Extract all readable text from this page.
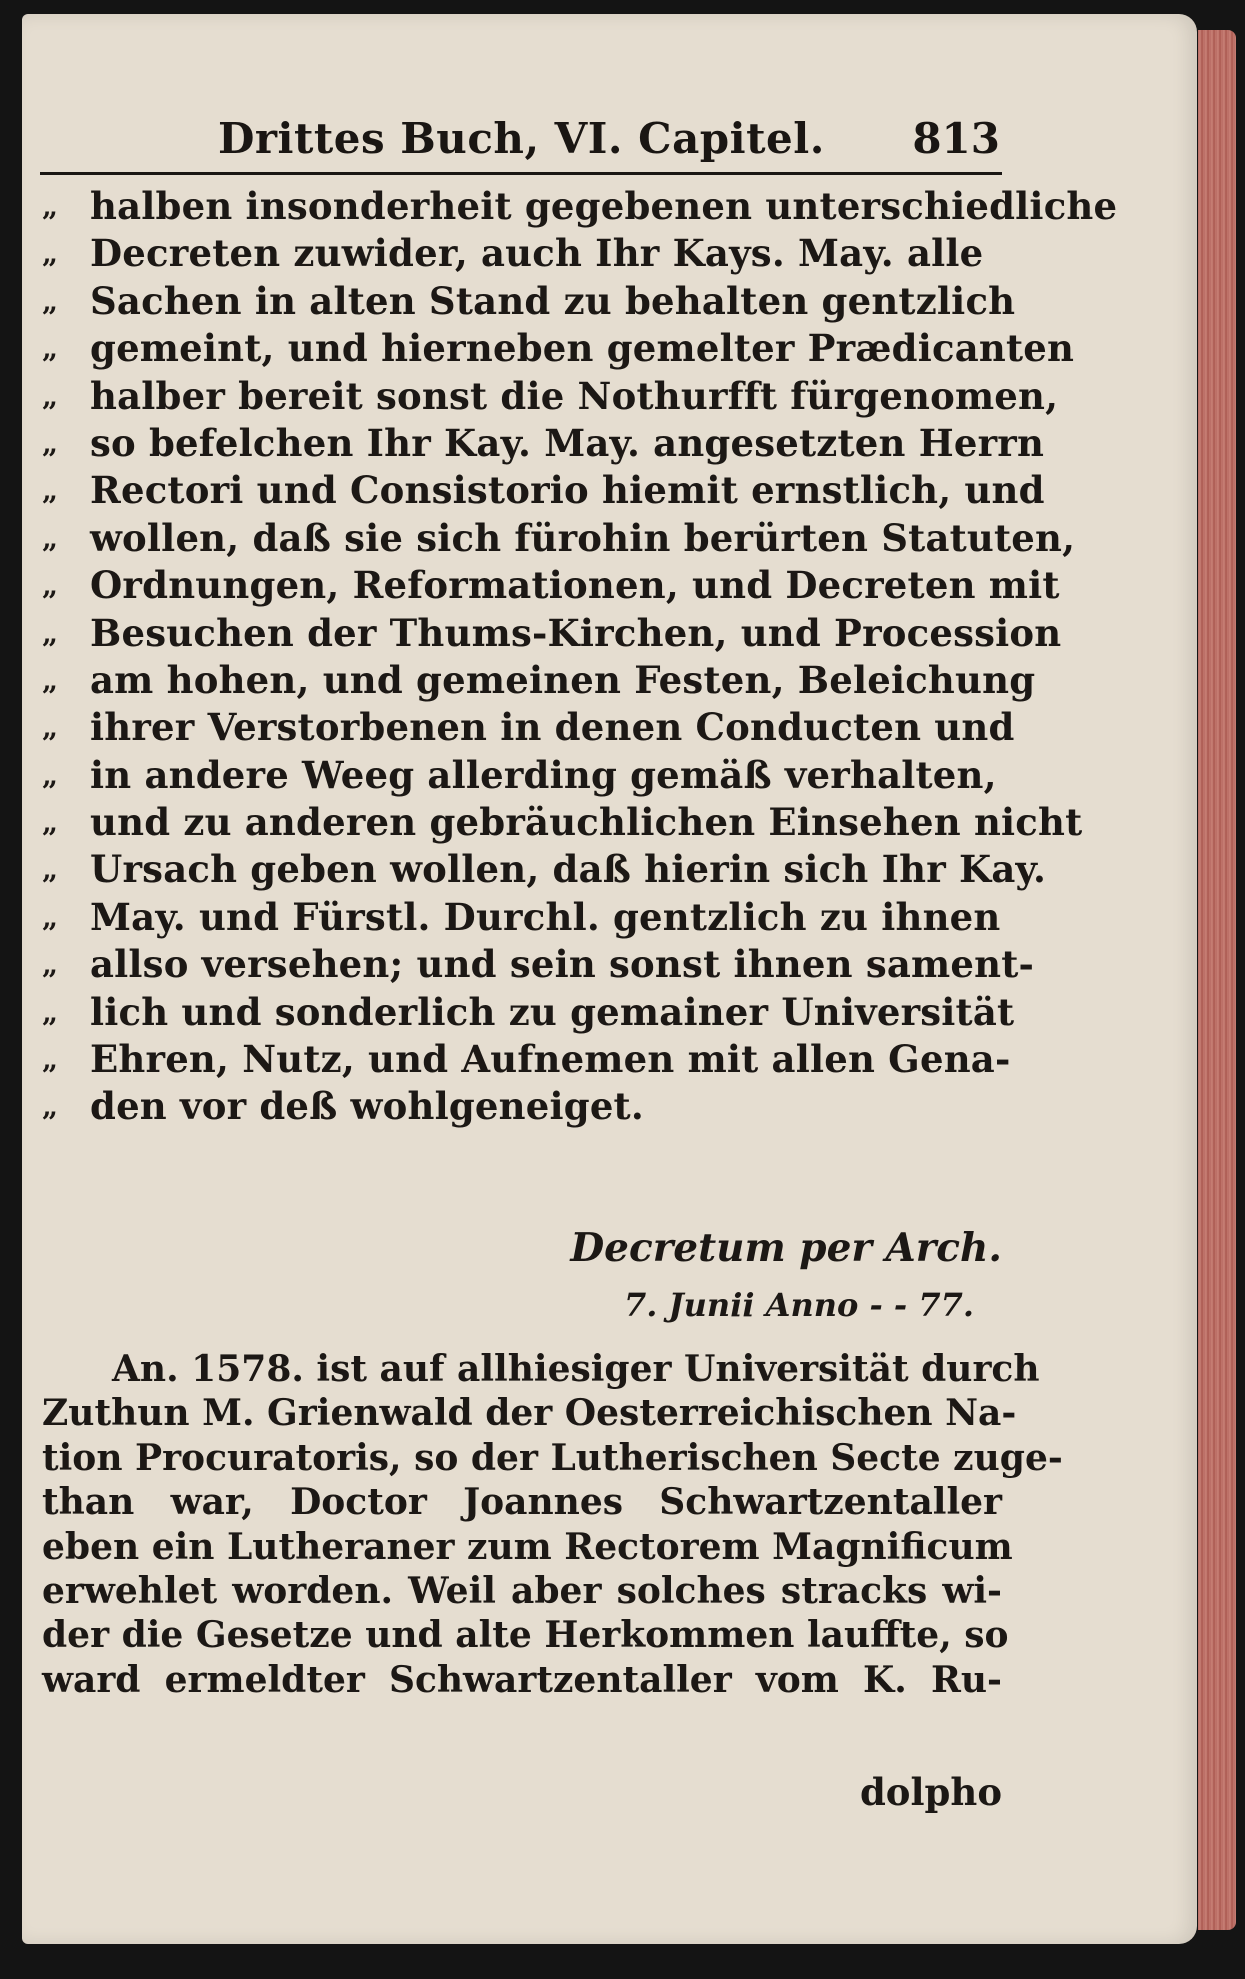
Drittes Buch, VI. Capitel. 813
„ halben insonderheit gegebenen unterschiedliche
„ Decreten zuwider, auch Ihr Kays. May. alle
„ Sachen in alten Stand zu behalten gentzlich
„ gemeint, und hierneben gemelter Prædicanten
„ halber bereit sonst die Nothurfft fürgenomen,
„ so befelchen Ihr Kay. May. angesetzten Herrn
„ Rectori und Consistorio hiemit ernstlich, und
„ wollen, daß sie sich fürohin berürten Statuten,
„ Ordnungen, Reformationen, und Decreten mit
„ Besuchen der Thums-Kirchen, und Procession
„ am hohen, und gemeinen Festen, Beleichung
„ ihrer Verstorbenen in denen Conducten und
„ in andere Weeg allerding gemäß verhalten,
„ und zu anderen gebräuchlichen Einsehen nicht
„ Ursach geben wollen, daß hierin sich Ihr Kay.
„ May. und Fürstl. Durchl. gentzlich zu ihnen
„ allso versehen; und sein sonst ihnen sament-
„ lich und sonderlich zu gemainer Universität
„ Ehren, Nutz, und Aufnemen mit allen Gena-
„ den vor deß wohlgeneiget.
Decretum per Arch.
7. Junii Anno - - 77.
An. 1578. ist auf allhiesiger Universität durch
Zuthun M. Grienwald der Oesterreichischen Na-
tion Procuratoris, so der Lutherischen Secte zuge-
than war, Doctor Joannes Schwartzentaller
eben ein Lutheraner zum Rectorem Magnificum
erwehlet worden. Weil aber solches stracks wi-
der die Gesetze und alte Herkommen lauffte, so
ward ermeldter Schwartzentaller vom K. Ru-
dolpho
